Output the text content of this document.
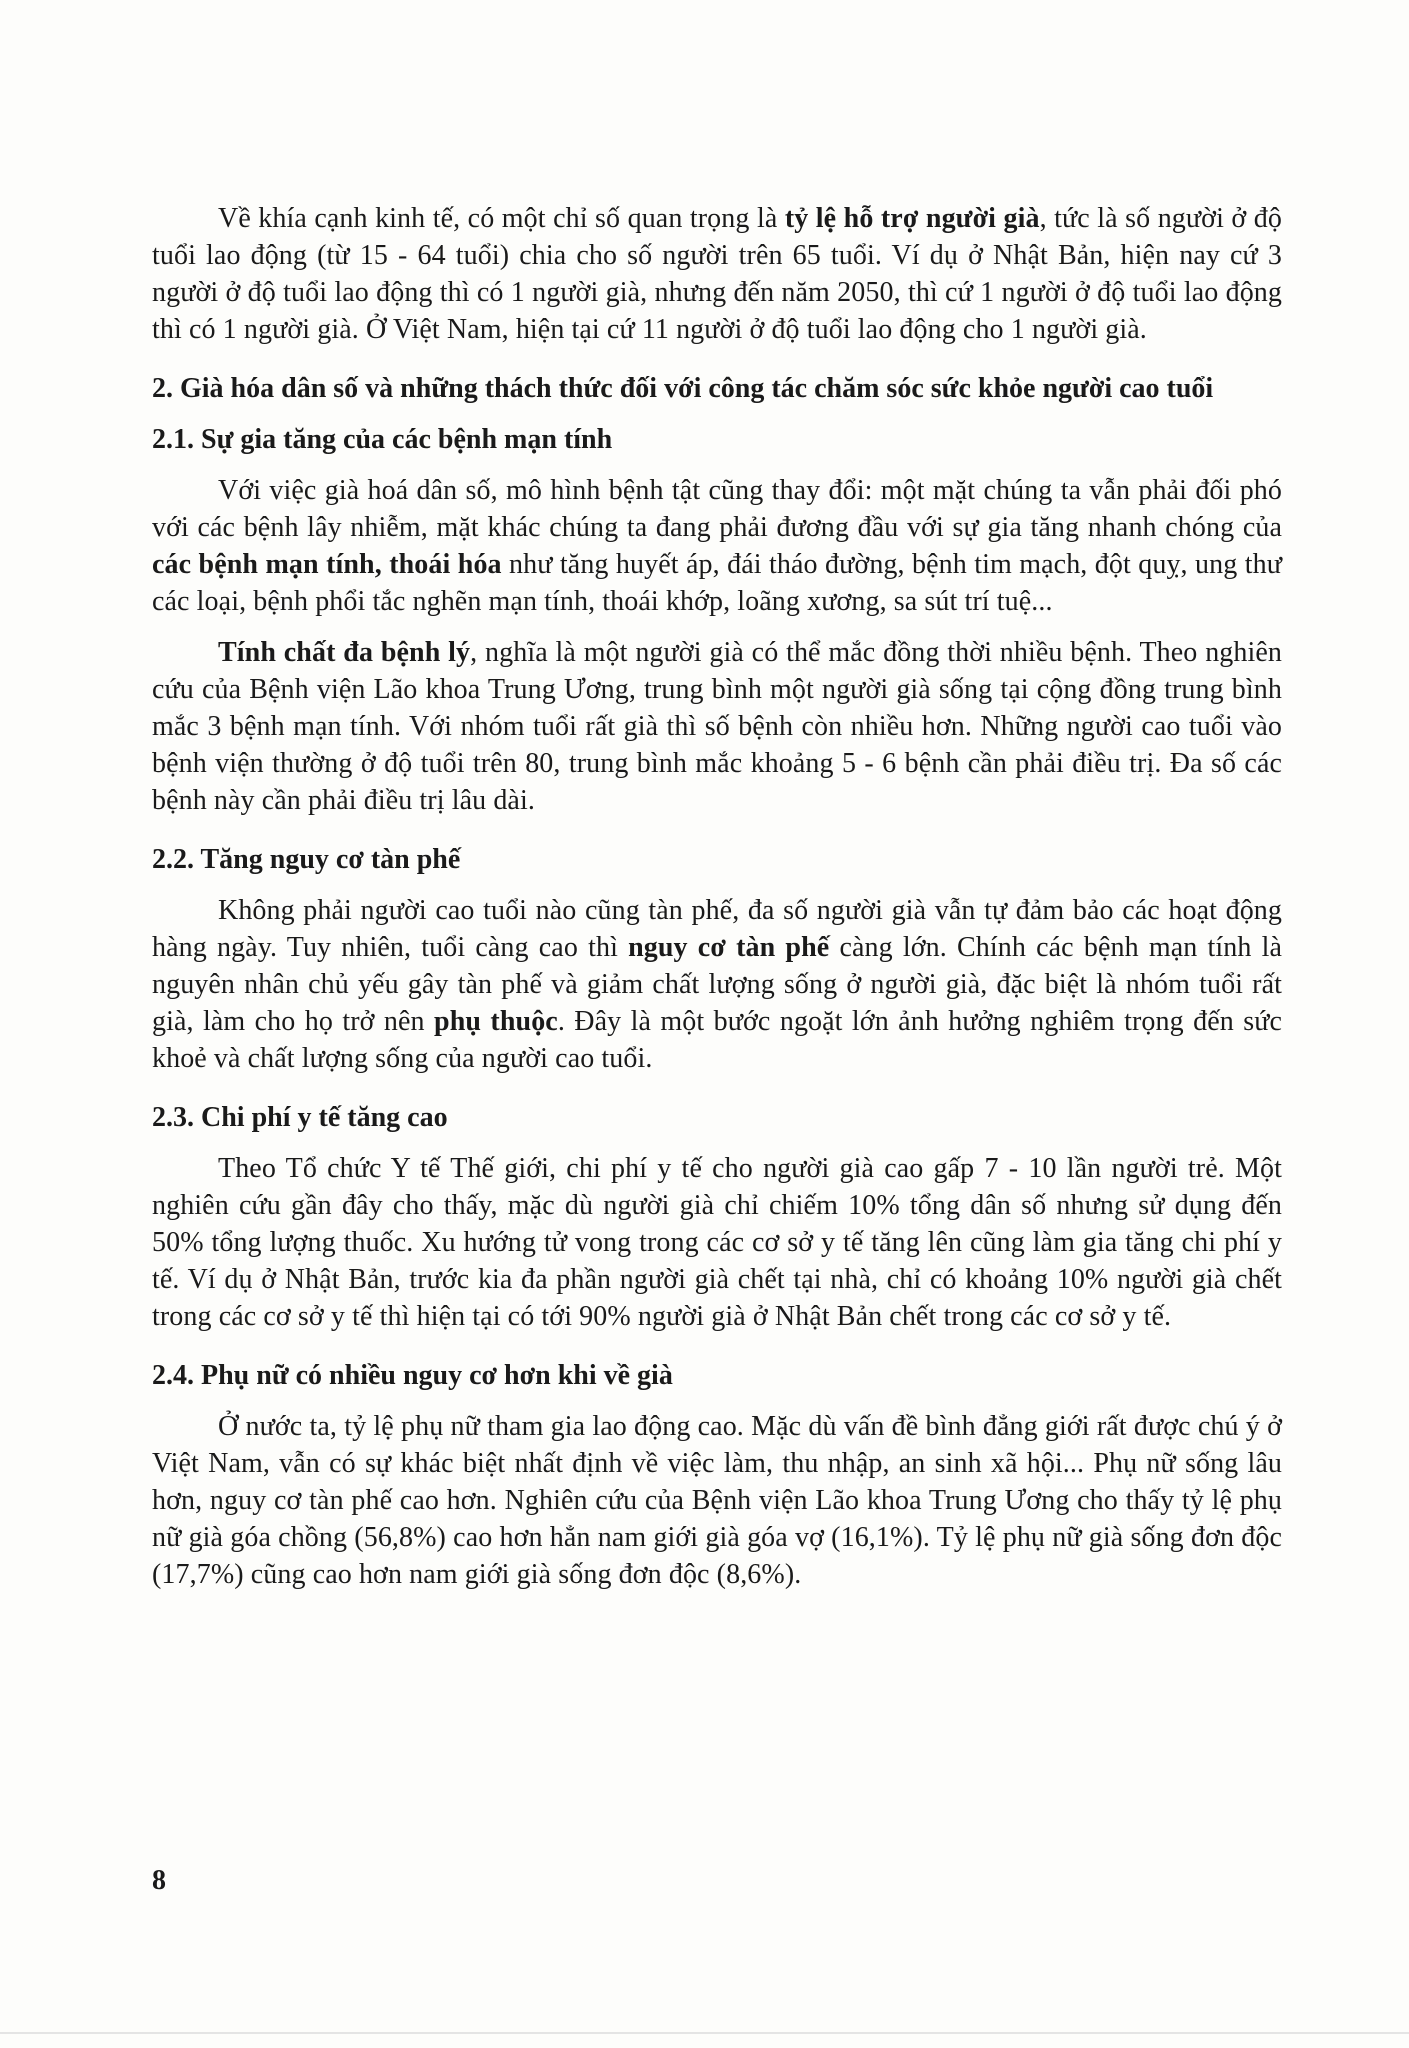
Về khía cạnh kinh tế, có một chỉ số quan trọng là tỷ lệ hỗ trợ người già, tức là số người ở độ tuổi lao động (từ 15 - 64 tuổi) chia cho số người trên 65 tuổi. Ví dụ ở Nhật Bản, hiện nay cứ 3 người ở độ tuổi lao động thì có 1 người già, nhưng đến năm 2050, thì cứ 1 người ở độ tuổi lao động thì có 1 người già. Ở Việt Nam, hiện tại cứ 11 người ở độ tuổi lao động cho 1 người già.

2. Già hóa dân số và những thách thức đối với công tác chăm sóc sức khỏe người cao tuổi
2.1. Sự gia tăng của các bệnh mạn tính

Với việc già hoá dân số, mô hình bệnh tật cũng thay đổi: một mặt chúng ta vẫn phải đối phó với các bệnh lây nhiễm, mặt khác chúng ta đang phải đương đầu với sự gia tăng nhanh chóng của các bệnh mạn tính, thoái hóa như tăng huyết áp, đái tháo đường, bệnh tim mạch, đột quỵ, ung thư các loại, bệnh phổi tắc nghẽn mạn tính, thoái khớp, loãng xương, sa sút trí tuệ...

Tính chất đa bệnh lý, nghĩa là một người già có thể mắc đồng thời nhiều bệnh. Theo nghiên cứu của Bệnh viện Lão khoa Trung Ương, trung bình một người già sống tại cộng đồng trung bình mắc 3 bệnh mạn tính. Với nhóm tuổi rất già thì số bệnh còn nhiều hơn. Những người cao tuổi vào bệnh viện thường ở độ tuổi trên 80, trung bình mắc khoảng 5 - 6 bệnh cần phải điều trị. Đa số các bệnh này cần phải điều trị lâu dài.

2.2. Tăng nguy cơ tàn phế

Không phải người cao tuổi nào cũng tàn phế, đa số người già vẫn tự đảm bảo các hoạt động hàng ngày. Tuy nhiên, tuổi càng cao thì nguy cơ tàn phế càng lớn. Chính các bệnh mạn tính là nguyên nhân chủ yếu gây tàn phế và giảm chất lượng sống ở người già, đặc biệt là nhóm tuổi rất già, làm cho họ trở nên phụ thuộc. Đây là một bước ngoặt lớn ảnh hưởng nghiêm trọng đến sức khoẻ và chất lượng sống của người cao tuổi.

2.3. Chi phí y tế tăng cao

Theo Tổ chức Y tế Thế giới, chi phí y tế cho người già cao gấp 7 - 10 lần người trẻ. Một nghiên cứu gần đây cho thấy, mặc dù người già chỉ chiếm 10% tổng dân số nhưng sử dụng đến 50% tổng lượng thuốc. Xu hướng tử vong trong các cơ sở y tế tăng lên cũng làm gia tăng chi phí y tế. Ví dụ ở Nhật Bản, trước kia đa phần người già chết tại nhà, chỉ có khoảng 10% người già chết trong các cơ sở y tế thì hiện tại có tới 90% người già ở Nhật Bản chết trong các cơ sở y tế.

2.4. Phụ nữ có nhiều nguy cơ hơn khi về già

Ở nước ta, tỷ lệ phụ nữ tham gia lao động cao. Mặc dù vấn đề bình đẳng giới rất được chú ý ở Việt Nam, vẫn có sự khác biệt nhất định về việc làm, thu nhập, an sinh xã hội... Phụ nữ sống lâu hơn, nguy cơ tàn phế cao hơn. Nghiên cứu của Bệnh viện Lão khoa Trung Ương cho thấy tỷ lệ phụ nữ già góa chồng (56,8%) cao hơn hẳn nam giới già góa vợ (16,1%). Tỷ lệ phụ nữ già sống đơn độc (17,7%) cũng cao hơn nam giới già sống đơn độc (8,6%).

8
